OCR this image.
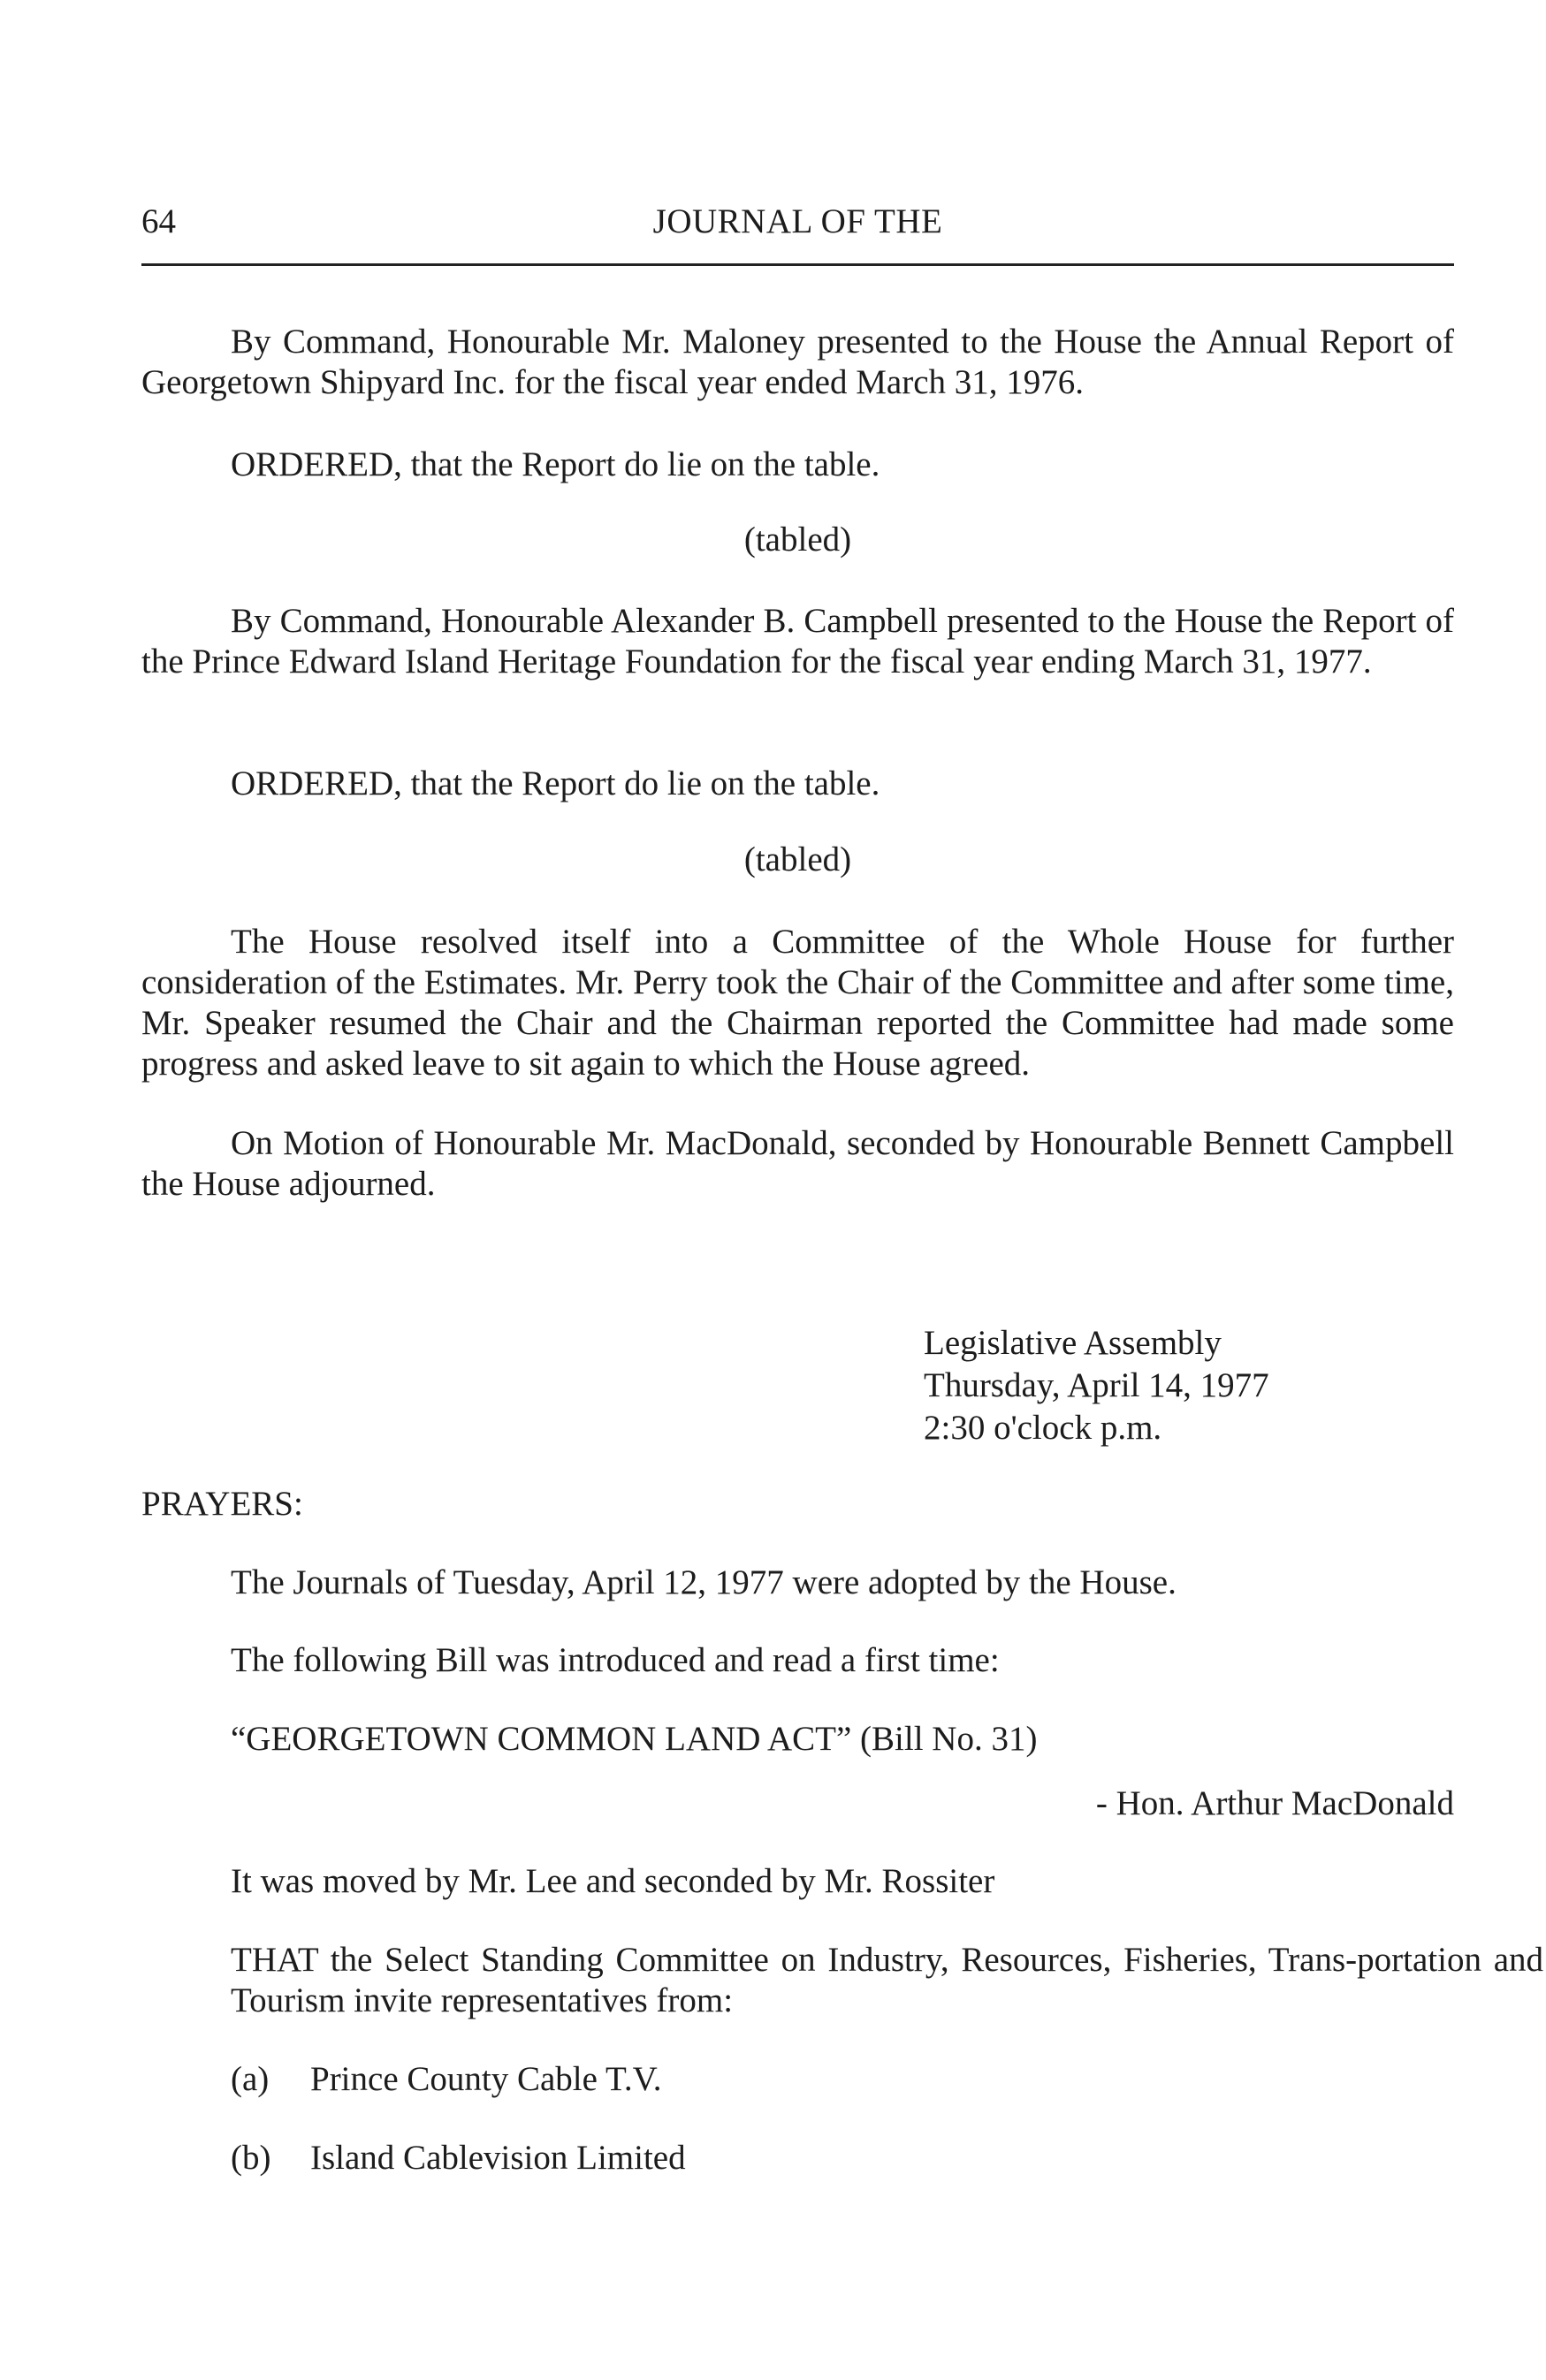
64	JOURNAL OF THE
By Command, Honourable Mr. Maloney presented to the House the Annual Report of Georgetown Shipyard Inc. for the fiscal year ended March 31, 1976.
ORDERED, that the Report do lie on the table.
(tabled)
By Command, Honourable Alexander B. Campbell presented to the House the Report of the Prince Edward Island Heritage Foundation for the fiscal year ending March 31, 1977.
ORDERED, that the Report do lie on the table.
(tabled)
The House resolved itself into a Committee of the Whole House for further consideration of the Estimates. Mr. Perry took the Chair of the Committee and after some time, Mr. Speaker resumed the Chair and the Chairman reported the Committee had made some progress and asked leave to sit again to which the House agreed.
On Motion of Honourable Mr. MacDonald, seconded by Honourable Bennett Campbell the House adjourned.
Legislative Assembly
Thursday, April 14, 1977
2:30 o'clock p.m.
PRAYERS:
The Journals of Tuesday, April 12, 1977 were adopted by the House.
The following Bill was introduced and read a first time:
“GEORGETOWN COMMON LAND ACT” (Bill No. 31)
- Hon. Arthur MacDonald
It was moved by Mr. Lee and seconded by Mr. Rossiter
THAT the Select Standing Committee on Industry, Resources, Fisheries, Trans-portation and Tourism invite representatives from:
(a) Prince County Cable T.V.
(b) Island Cablevision Limited
